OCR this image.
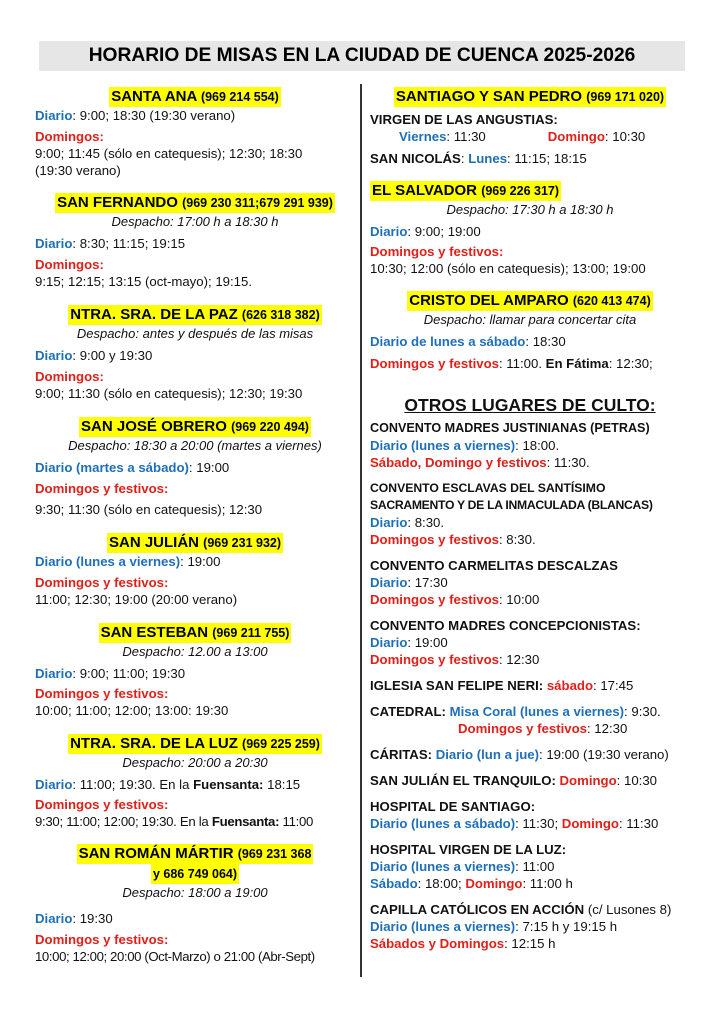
HORARIO DE MISAS EN LA CIUDAD DE CUENCA 2025-2026
SANTA ANA (969 214 554)
Diario: 9:00; 18:30 (19:30 verano)
Domingos:
9:00; 11:45 (sólo en catequesis); 12:30; 18:30
(19:30 verano)
SAN FERNANDO (969 230 311;679 291 939)
Despacho: 17:00 h a 18:30 h
Diario: 8:30; 11:15; 19:15
Domingos:
9:15; 12:15; 13:15 (oct-mayo); 19:15.
NTRA. SRA. DE LA PAZ (626 318 382)
Despacho: antes y después de las misas
Diario: 9:00 y 19:30
Domingos:
9:00; 11:30 (sólo en catequesis); 12:30; 19:30
SAN JOSÉ OBRERO (969 220 494)
Despacho: 18:30 a 20:00 (martes a viernes)
Diario (martes a sábado): 19:00
Domingos y festivos:
9:30; 11:30 (sólo en catequesis); 12:30
SAN JULIÁN (969 231 932)
Diario (lunes a viernes): 19:00
Domingos y festivos:
11:00; 12:30; 19:00 (20:00 verano)
SAN ESTEBAN (969 211 755)
Despacho: 12.00 a 13:00
Diario: 9:00; 11:00; 19:30
Domingos y festivos:
10:00; 11:00; 12:00; 13:00: 19:30
NTRA. SRA. DE LA LUZ (969 225 259)
Despacho: 20:00 a 20:30
Diario: 11:00; 19:30. En la Fuensanta: 18:15
Domingos y festivos:
9:30; 11:00; 12:00; 19:30. En la Fuensanta: 11:00
SAN ROMÁN MÁRTIR (969 231 368
y 686 749 064)
Despacho: 18:00 a 19:00
Diario: 19:30
Domingos y festivos:
10:00; 12:00; 20:00 (Oct-Marzo) o 21:00 (Abr-Sept)
SANTIAGO Y SAN PEDRO (969 171 020)
VIRGEN DE LAS ANGUSTIAS:
Viernes: 11:30	Domingo: 10:30
SAN NICOLÁS: Lunes: 11:15; 18:15
EL SALVADOR (969 226 317)
Despacho: 17:30 h a 18:30 h
Diario: 9:00; 19:00
Domingos y festivos:
10:30; 12:00 (sólo en catequesis); 13:00; 19:00
CRISTO DEL AMPARO (620 413 474)
Despacho: llamar para concertar cita
Diario de lunes a sábado: 18:30
Domingos y festivos: 11:00. En Fátima: 12:30;
OTROS LUGARES DE CULTO:
CONVENTO MADRES JUSTINIANAS (PETRAS)
Diario (lunes a viernes): 18:00.
Sábado, Domingo y festivos: 11:30.
CONVENTO ESCLAVAS DEL SANTÍSIMO
SACRAMENTO Y DE LA INMACULADA (BLANCAS)
Diario: 8:30.
Domingos y festivos: 8:30.
CONVENTO CARMELITAS DESCALZAS
Diario: 17:30
Domingos y festivos: 10:00
CONVENTO MADRES CONCEPCIONISTAS:
Diario: 19:00
Domingos y festivos: 12:30
IGLESIA SAN FELIPE NERI: sábado: 17:45
CATEDRAL: Misa Coral (lunes a viernes): 9:30.
Domingos y festivos: 12:30
CÁRITAS: Diario (lun a jue): 19:00 (19:30 verano)
SAN JULIÁN EL TRANQUILO: Domingo: 10:30
HOSPITAL DE SANTIAGO:
Diario (lunes a sábado): 11:30; Domingo: 11:30
HOSPITAL VIRGEN DE LA LUZ:
Diario (lunes a viernes): 11:00
Sábado: 18:00; Domingo: 11:00 h
CAPILLA CATÓLICOS EN ACCIÓN (c/ Lusones 8)
Diario (lunes a viernes): 7:15 h y 19:15 h
Sábados y Domingos: 12:15 h
